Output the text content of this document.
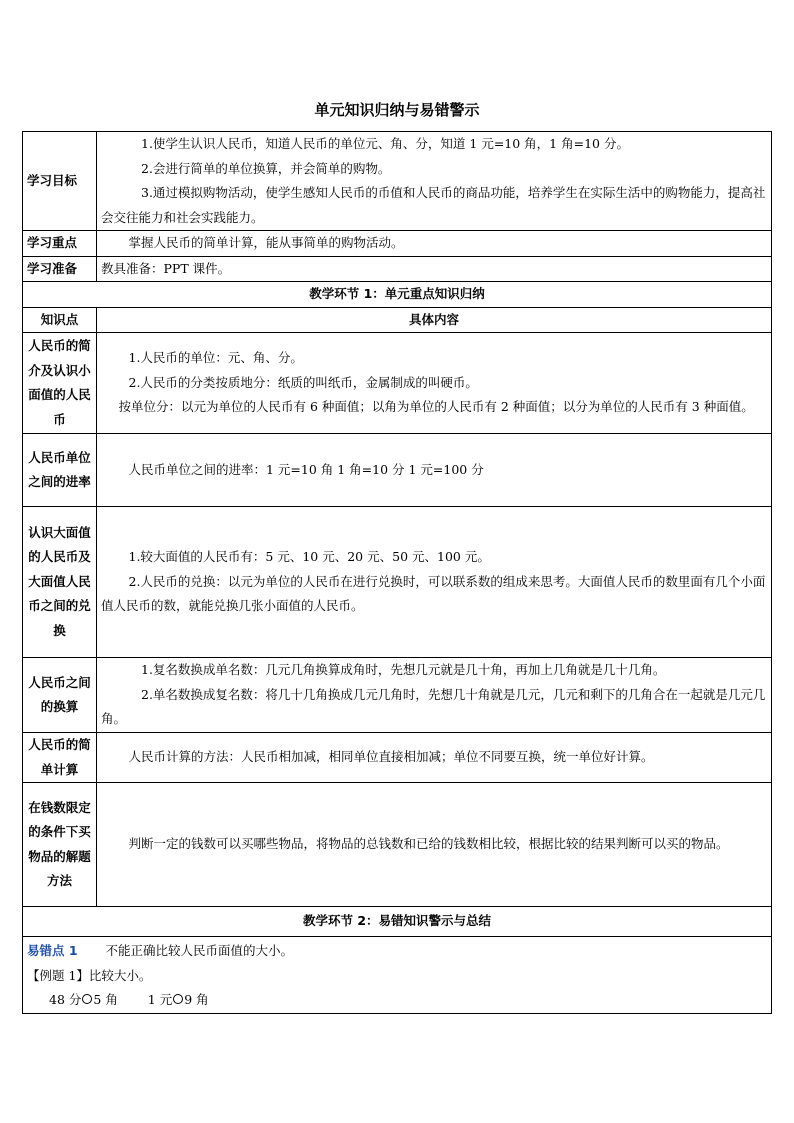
单元知识归纳与易错警示
学习目标	1.使学生认识人民币，知道人民币的单位元、角、分，知道 1 元=10 角，1 角=10 分。

2.会进行简单的单位换算，并会简单的购物。

3.通过模拟购物活动，使学生感知人民币的币值和人民币的商品功能，培养学生在实际生活中的购物能力，提高社会交往能力和社会实践能力。

学习重点	掌握人民币的简单计算，能从事简单的购物活动。

学习准备	教具准备：PPT 课件。

教学环节 1：单元重点知识归纳	
知识点	具体内容
人民币的简介及认识小面值的人民币	1.人民币的单位：元、角、分。

2.人民币的分类按质地分：纸质的叫纸币，金属制成的叫硬币。

按单位分：以元为单位的人民币有 6 种面值；以角为单位的人民币有 2 种面值；以分为单位的人民币有 3 种面值。

人民币单位之间的进率	人民币单位之间的进率：1 元=10 角 1 角=10 分 1 元=100 分

认识大面值的人民币及大面值人民币之间的兑换	1.较大面值的人民币有：5 元、10 元、20 元、50 元、100 元。

2.人民币的兑换：以元为单位的人民币在进行兑换时，可以联系数的组成来思考。大面值人民币的数里面有几个小面值人民币的数，就能兑换几张小面值的人民币。

人民币之间的换算	1.复名数换成单名数：几元几角换算成角时，先想几元就是几十角，再加上几角就是几十几角。

2.单名数换成复名数：将几十几角换成几元几角时，先想几十角就是几元，几元和剩下的几角合在一起就是几元几角。

人民币的简单计算	人民币计算的方法：人民币相加减，相同单位直接相加减；单位不同要互换，统一单位好计算。

在钱数限定的条件下买物品的解题方法	判断一定的钱数可以买哪些物品，将物品的总钱数和已给的钱数相比较，根据比较的结果判断可以买的物品。

教学环节 2：易错知识警示与总结	

易错点 1 不能正确比较人民币面值的大小。

【例题 1】比较大小。

48 分 5 角 1 元 9 角	
